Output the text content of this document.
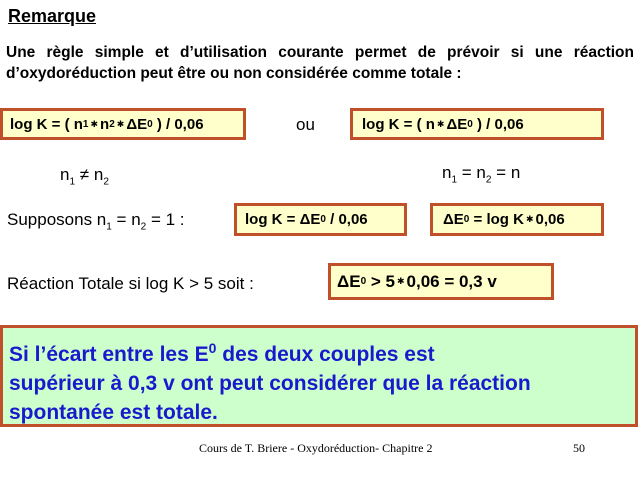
Remarque
Une règle simple et d’utilisation courante permet de prévoir si une réaction d’oxydoréduction peut être ou non considérée comme totale :
log K = ( n 1 ✱ n 2 ✱ ΔE 0
) / 0,06	ou	log K = ( n ✱ ΔE 0
) / 0,06
$n_1 \ne n_2$	$n_1 = n_2 = n$
Supposons $n_1 = n_2 = 1$ :	log K =
ΔE 0
/ 0,06	ΔE 0
= log K ✱ 0,06
Réaction Totale si log K > 5 soit :	ΔE 0
> 5 ✱ 0,06 = 0,3 v
Si l’écart entre les $E^0$ des deux couples est
supérieur à 0,3 v ont peut considérer que la réaction
spontanée est totale.
Cours de T. Briere - Oxydoréduction- Chapitre 2	50
